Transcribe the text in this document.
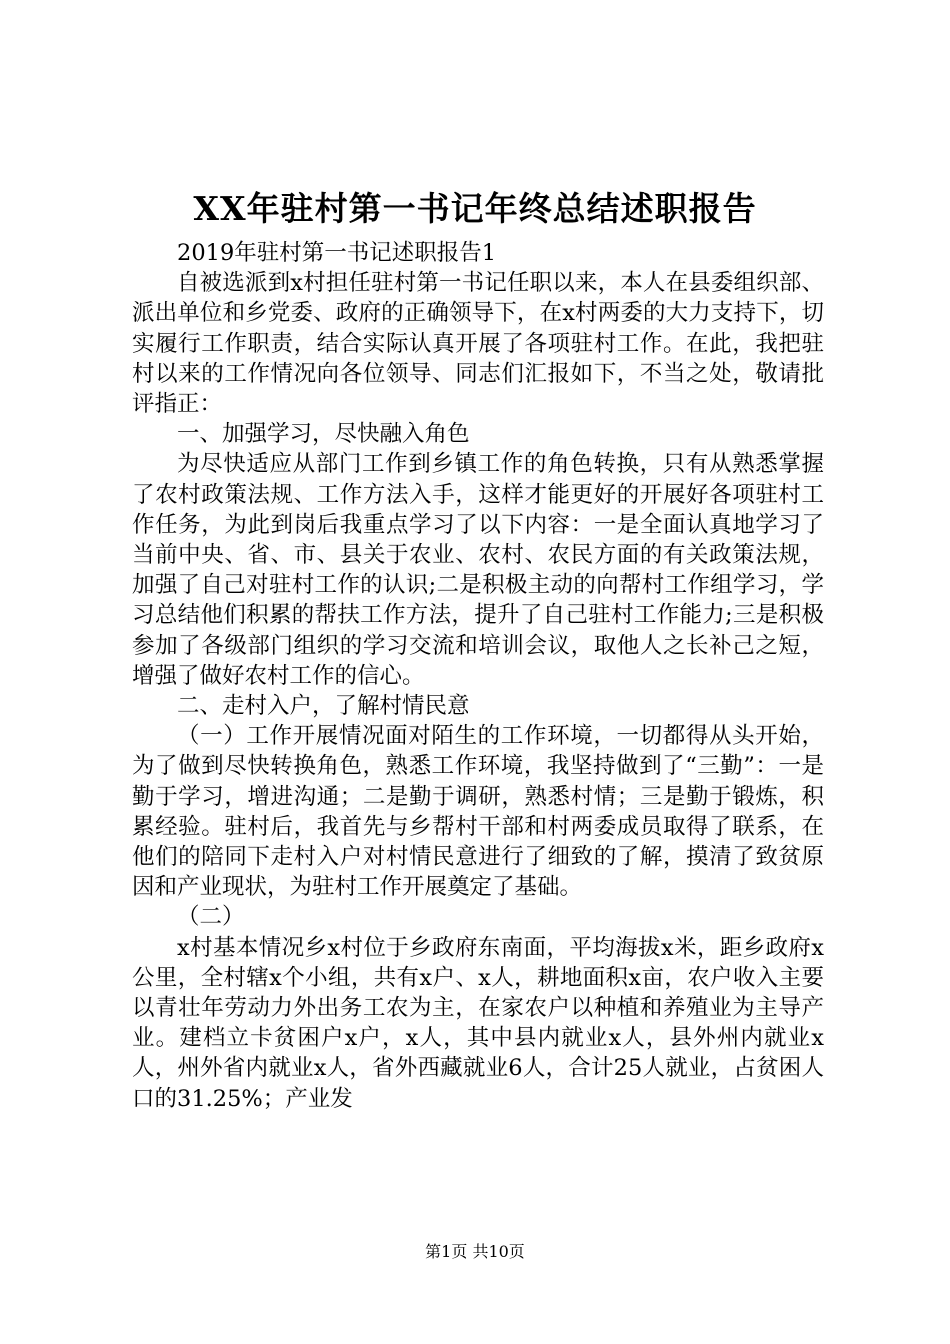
XX年驻村第一书记年终总结述职报告

2019年驻村第一书记述职报告1

自被选派到x村担任驻村第一书记任职以来，本人在县委组织部、派出单位和乡党委、政府的正确领导下，在x村两委的大力支持下，切实履行工作职责，结合实际认真开展了各项驻村工作。在此，我把驻村以来的工作情况向各位领导、同志们汇报如下，不当之处，敬请批评指正：

一、加强学习，尽快融入角色

为尽快适应从部门工作到乡镇工作的角色转换，只有从熟悉掌握了农村政策法规、工作方法入手，这样才能更好的开展好各项驻村工作任务，为此到岗后我重点学习了以下内容：一是全面认真地学习了当前中央、省、市、县关于农业、农村、农民方面的有关政策法规，加强了自己对驻村工作的认识;二是积极主动的向帮村工作组学习，学习总结他们积累的帮扶工作方法，提升了自己驻村工作能力;三是积极参加了各级部门组织的学习交流和培训会议，取他人之长补己之短，增强了做好农村工作的信心。

二、走村入户，了解村情民意

（一）工作开展情况面对陌生的工作环境，一切都得从头开始，为了做到尽快转换角色，熟悉工作环境，我坚持做到了“三勤”：一是勤于学习，增进沟通；二是勤于调研，熟悉村情；三是勤于锻炼，积累经验。驻村后，我首先与乡帮村干部和村两委成员取得了联系，在他们的陪同下走村入户对村情民意进行了细致的了解，摸清了致贫原因和产业现状，为驻村工作开展奠定了基础。

（二）

x村基本情况乡x村位于乡政府东南面，平均海拔x米，距乡政府x公里，全村辖x个小组，共有x户、x人，耕地面积x亩，农户收入主要以青壮年劳动力外出务工农为主，在家农户以种植和养殖业为主导产业。建档立卡贫困户x户，x人，其中县内就业x人，县外州内就业x人，州外省内就业x人，省外西藏就业6人，合计25人就业，占贫困人口的31.25%；产业发

第1页 共10页
